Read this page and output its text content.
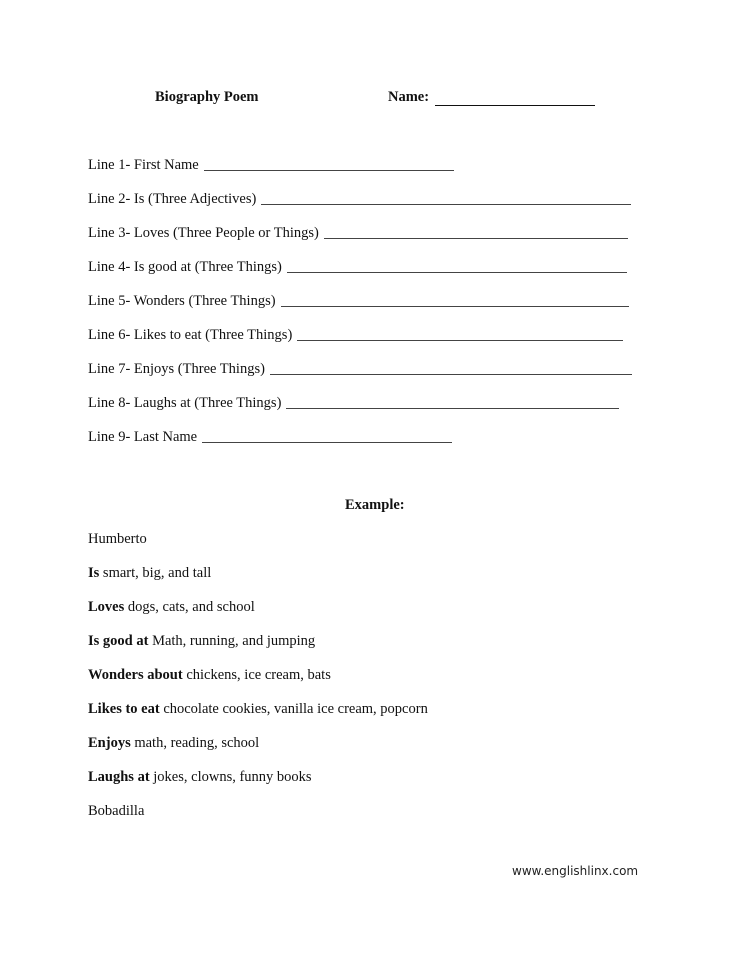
Biography Poem	Name:
Line 1- First Name
Line 2- Is (Three Adjectives)
Line 3- Loves (Three People or Things)
Line 4- Is good at (Three Things)
Line 5- Wonders (Three Things)
Line 6- Likes to eat (Three Things)
Line 7- Enjoys (Three Things)
Line 8- Laughs at (Three Things)
Line 9- Last Name
Example:
Humberto
Is smart, big, and tall
Loves dogs, cats, and school
Is good at Math, running, and jumping
Wonders about chickens, ice cream, bats
Likes to eat chocolate cookies, vanilla ice cream, popcorn
Enjoys math, reading, school
Laughs at jokes, clowns, funny books
Bobadilla
www.englishlinx.com
